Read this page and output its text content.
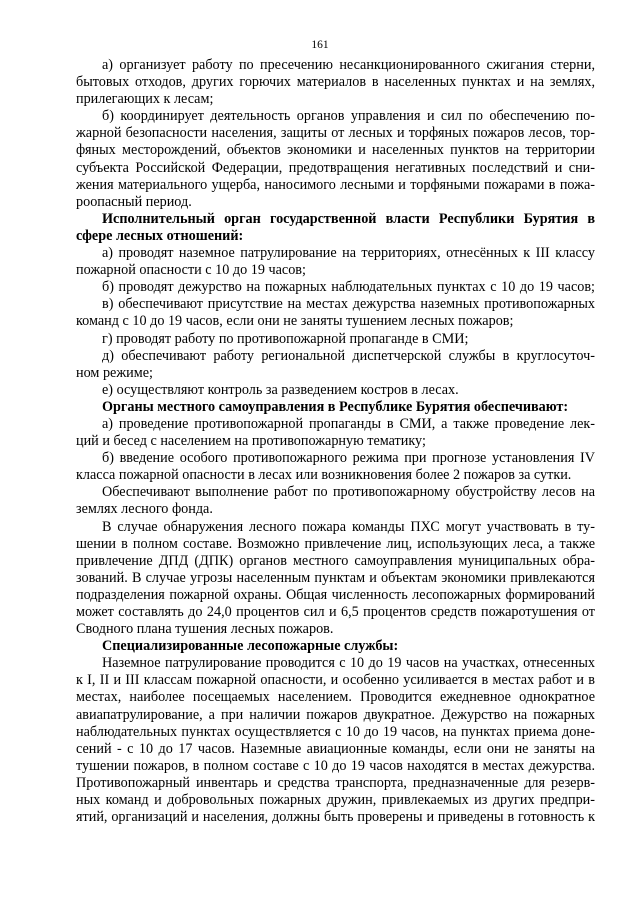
161
а) организует работу по пресечению несанкционированного сжигания стерни,
бытовых отходов, других горючих материалов в населенных пунктах и на землях,
прилегающих к лесам;
б) координирует деятельность органов управления и сил по обеспечению по-
жарной безопасности населения, защиты от лесных и торфяных пожаров лесов, тор-
фяных месторождений, объектов экономики и населенных пунктов на территории
субъекта Российской Федерации, предотвращения негативных последствий и сни-
жения материального ущерба, наносимого лесными и торфяными пожарами в пожа-
роопасный период.
Исполнительный орган государственной власти Республики Бурятия в
сфере лесных отношений:
а) проводят наземное патрулирование на территориях, отнесённых к III классу
пожарной опасности с 10 до 19 часов;
б) проводят дежурство на пожарных наблюдательных пунктах с 10 до 19 часов;
в) обеспечивают присутствие на местах дежурства наземных противопожарных
команд с 10 до 19 часов, если они не заняты тушением лесных пожаров;
г) проводят работу по противопожарной пропаганде в СМИ;
д) обеспечивают работу региональной диспетчерской службы в круглосуточ-
ном режиме;
е) осуществляют контроль за разведением костров в лесах.
Органы местного самоуправления в Республике Бурятия обеспечивают:
а) проведение противопожарной пропаганды в СМИ, а также проведение лек-
ций и бесед с населением на противопожарную тематику;
б) введение особого противопожарного режима при прогнозе установления IV
класса пожарной опасности в лесах или возникновения более 2 пожаров за сутки.
Обеспечивают выполнение работ по противопожарному обустройству лесов на
землях лесного фонда.
В случае обнаружения лесного пожара команды ПХС могут участвовать в ту-
шении в полном составе. Возможно привлечение лиц, использующих леса, а также
привлечение ДПД (ДПК) органов местного самоуправления муниципальных обра-
зований. В случае угрозы населенным пунктам и объектам экономики привлекаются
подразделения пожарной охраны. Общая численность лесопожарных формирований
может составлять до 24,0 процентов сил и 6,5 процентов средств пожаротушения от
Сводного плана тушения лесных пожаров.
Специализированные лесопожарные службы:
Наземное патрулирование проводится с 10 до 19 часов на участках, отнесенных
к I, II и III классам пожарной опасности, и особенно усиливается в местах работ и в
местах, наиболее посещаемых населением. Проводится ежедневное однократное
авиапатрулирование, а при наличии пожаров двукратное. Дежурство на пожарных
наблюдательных пунктах осуществляется с 10 до 19 часов, на пунктах приема доне-
сений - с 10 до 17 часов. Наземные авиационные команды, если они не заняты на
тушении пожаров, в полном составе с 10 до 19 часов находятся в местах дежурства.
Противопожарный инвентарь и средства транспорта, предназначенные для резерв-
ных команд и добровольных пожарных дружин, привлекаемых из других предпри-
ятий, организаций и населения, должны быть проверены и приведены в готовность к
